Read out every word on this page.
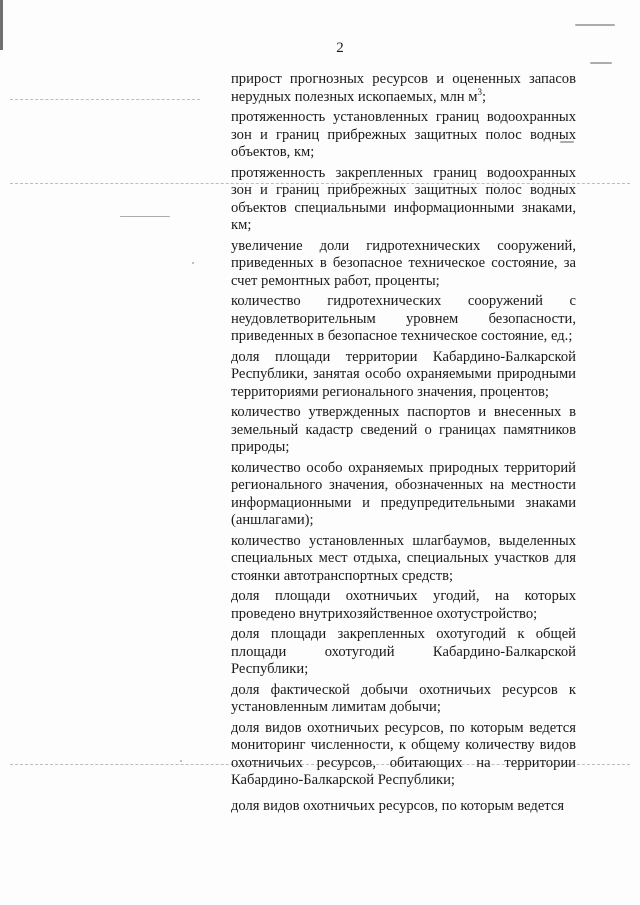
2

прирост прогнозных ресурсов и оцененных запасов нерудных полезных ископаемых, млн $м^3$;

протяженность установленных границ водоохранных зон и границ прибрежных защитных полос водных объектов, км;

протяженность закрепленных границ водоохранных зон и границ прибрежных защитных полос водных объектов специальными информационными знаками, км;

увеличение доли гидротехнических сооружений, приведенных в безопасное техническое состояние, за счет ремонтных работ, проценты;

количество гидротехнических сооружений с неудовлетворительным уровнем безопасности, приведенных в безопасное техническое состояние, ед.;

доля площади территории Кабардино-Балкарской Республики, занятая особо охраняемыми природными территориями регионального значения, процентов;

количество утвержденных паспортов и внесенных в земельный кадастр сведений о границах памятников природы;

количество особо охраняемых природных территорий регионального значения, обозначенных на местности информационными и предупредительными знаками (аншлагами);

количество установленных шлагбаумов, выделенных специальных мест отдыха, специальных участков для стоянки автотранспортных средств;

доля площади охотничьих угодий, на которых проведено внутрихозяйственное охотустройство;

доля площади закрепленных охотугодий к общей площади охотугодий Кабардино-Балкарской Республики;

доля фактической добычи охотничьих ресурсов к установленным лимитам добычи;

доля видов охотничьих ресурсов, по которым ведется мониторинг численности, к общему количеству видов охотничьих ресурсов, обитающих на территории Кабардино-Балкарской Республики;

доля видов охотничьих ресурсов, по которым ведется
